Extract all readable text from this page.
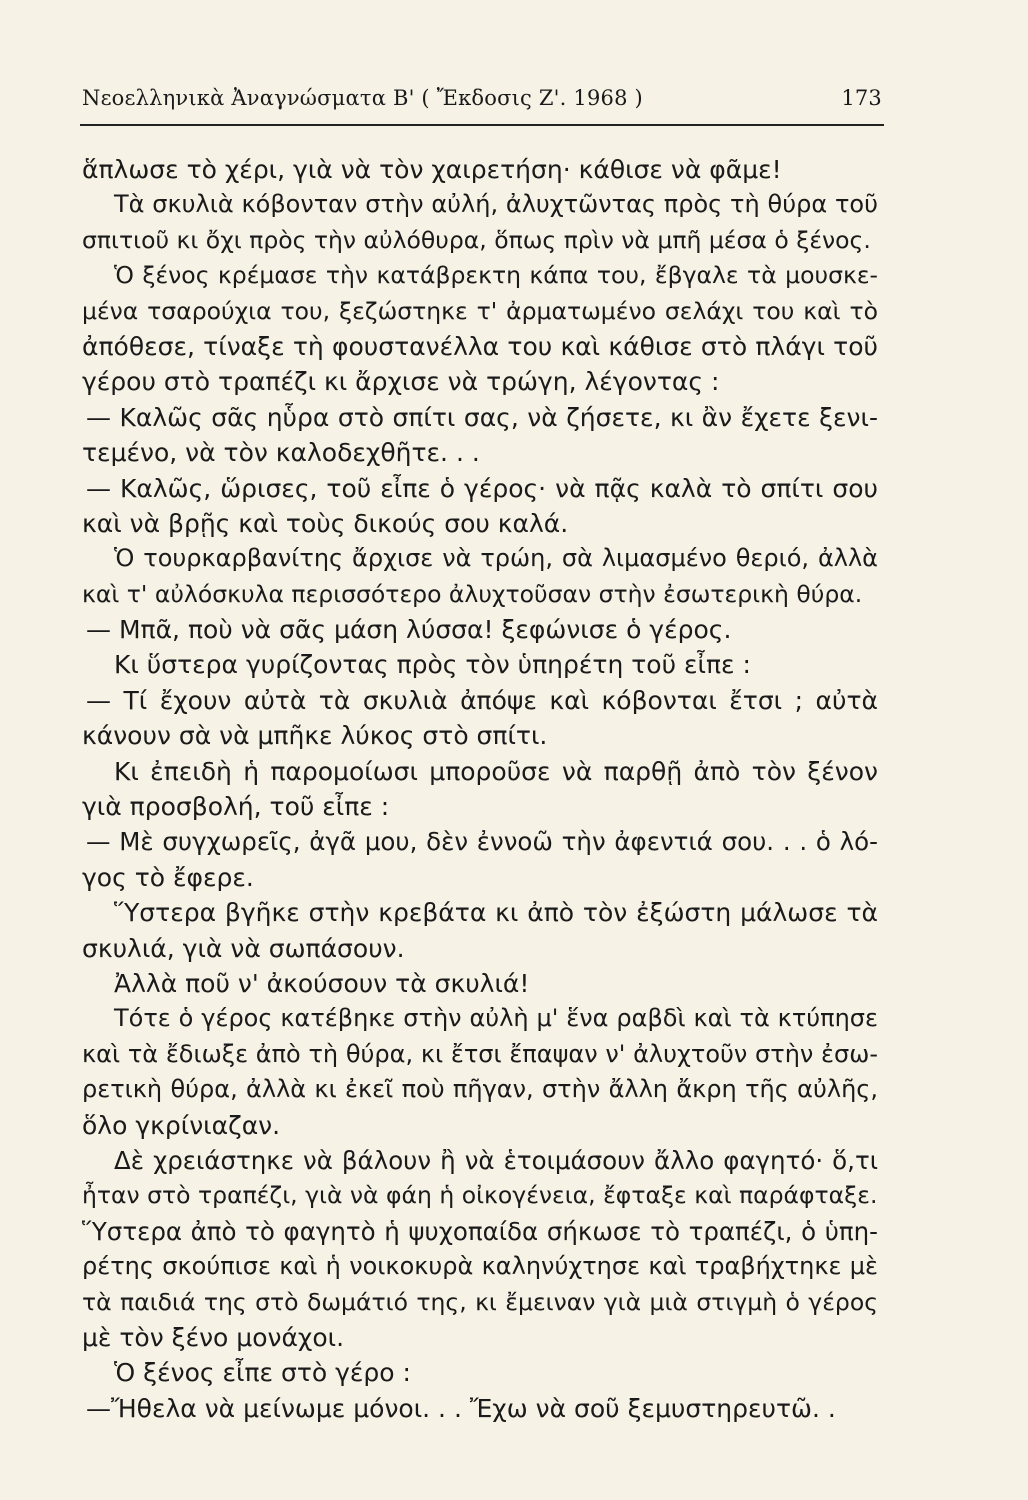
Νεοελληνικὰ Ἀναγνώσματα Β' ( Ἔκδοσις Ζ'. 1968 )	173
ἅπλωσε τὸ χέρι, γιὰ νὰ τὸν χαιρετήση· κάθισε νὰ φᾶμε!
Τὰ σκυλιὰ κόβονταν στὴν αὐλή, ἀλυχτῶντας πρὸς τὴ θύρα τοῦ
σπιτιοῦ κι ὄχι πρὸς τὴν αὐλόθυρα, ὅπως πρὶν νὰ μπῆ μέσα ὁ ξένος.
Ὁ ξένος κρέμασε τὴν κατάβρεκτη κάπα του, ἔβγαλε τὰ μουσκε-
μένα τσαρούχια του, ξεζώστηκε τ' ἀρματωμένο σελάχι του καὶ τὸ
ἀπόθεσε, τίναξε τὴ φουστανέλλα του καὶ κάθισε στὸ πλάγι τοῦ
γέρου στὸ τραπέζι κι ἄρχισε νὰ τρώγη, λέγοντας :
— Καλῶς σᾶς ηὗρα στὸ σπίτι σας, νὰ ζήσετε, κι ἂν ἔχετε ξενι-
τεμένο, νὰ τὸν καλοδεχθῆτε. . .
— Καλῶς, ὥρισες, τοῦ εἶπε ὁ γέρος· νὰ πᾷς καλὰ τὸ σπίτι σου
καὶ νὰ βρῇς καὶ τοὺς δικούς σου καλά.
Ὁ τουρκαρβανίτης ἄρχισε νὰ τρώη, σὰ λιμασμένο θεριό, ἀλλὰ
καὶ τ' αὐλόσκυλα περισσότερο ἀλυχτοῦσαν στὴν ἐσωτερικὴ θύρα.
— Μπᾶ, ποὺ νὰ σᾶς μάση λύσσα! ξεφώνισε ὁ γέρος.
Κι ὕστερα γυρίζοντας πρὸς τὸν ὑπηρέτη τοῦ εἶπε :
— Τί ἔχουν αὐτὰ τὰ σκυλιὰ ἀπόψε καὶ κόβονται ἔτσι ; αὐτὰ
κάνουν σὰ νὰ μπῆκε λύκος στὸ σπίτι.
Κι ἐπειδὴ ἡ παρομοίωσι μποροῦσε νὰ παρθῇ ἀπὸ τὸν ξένον
γιὰ προσβολή, τοῦ εἶπε :
— Μὲ συγχωρεῖς, ἀγᾶ μου, δὲν ἐννοῶ τὴν ἀφεντιά σου. . . ὁ λό-
γος τὸ ἔφερε.
Ὕστερα βγῆκε στὴν κρεβάτα κι ἀπὸ τὸν ἐξώστη μάλωσε τὰ
σκυλιά, γιὰ νὰ σωπάσουν.
Ἀλλὰ ποῦ ν' ἀκούσουν τὰ σκυλιά!
Τότε ὁ γέρος κατέβηκε στὴν αὐλὴ μ' ἕνα ραβδὶ καὶ τὰ κτύπησε
καὶ τὰ ἔδιωξε ἀπὸ τὴ θύρα, κι ἔτσι ἔπαψαν ν' ἀλυχτοῦν στὴν ἐσω-
ρετικὴ θύρα, ἀλλὰ κι ἐκεῖ ποὺ πῆγαν, στὴν ἄλλη ἄκρη τῆς αὐλῆς,
ὅλο γκρίνιαζαν.
Δὲ χρειάστηκε νὰ βάλουν ἢ νὰ ἑτοιμάσουν ἄλλο φαγητό· ὅ,τι
ἦταν στὸ τραπέζι, γιὰ νὰ φάη ἡ οἰκογένεια, ἔφταξε καὶ παράφταξε.
Ὕστερα ἀπὸ τὸ φαγητὸ ἡ ψυχοπαίδα σήκωσε τὸ τραπέζι, ὁ ὑπη-
ρέτης σκούπισε καὶ ἡ νοικοκυρὰ καληνύχτησε καὶ τραβήχτηκε μὲ
τὰ παιδιά της στὸ δωμάτιό της, κι ἔμειναν γιὰ μιὰ στιγμὴ ὁ γέρος
μὲ τὸν ξένο μονάχοι.
Ὁ ξένος εἶπε στὸ γέρο :
—Ἤθελα νὰ μείνωμε μόνοι. . . Ἔχω νὰ σοῦ ξεμυστηρευτῶ. .
